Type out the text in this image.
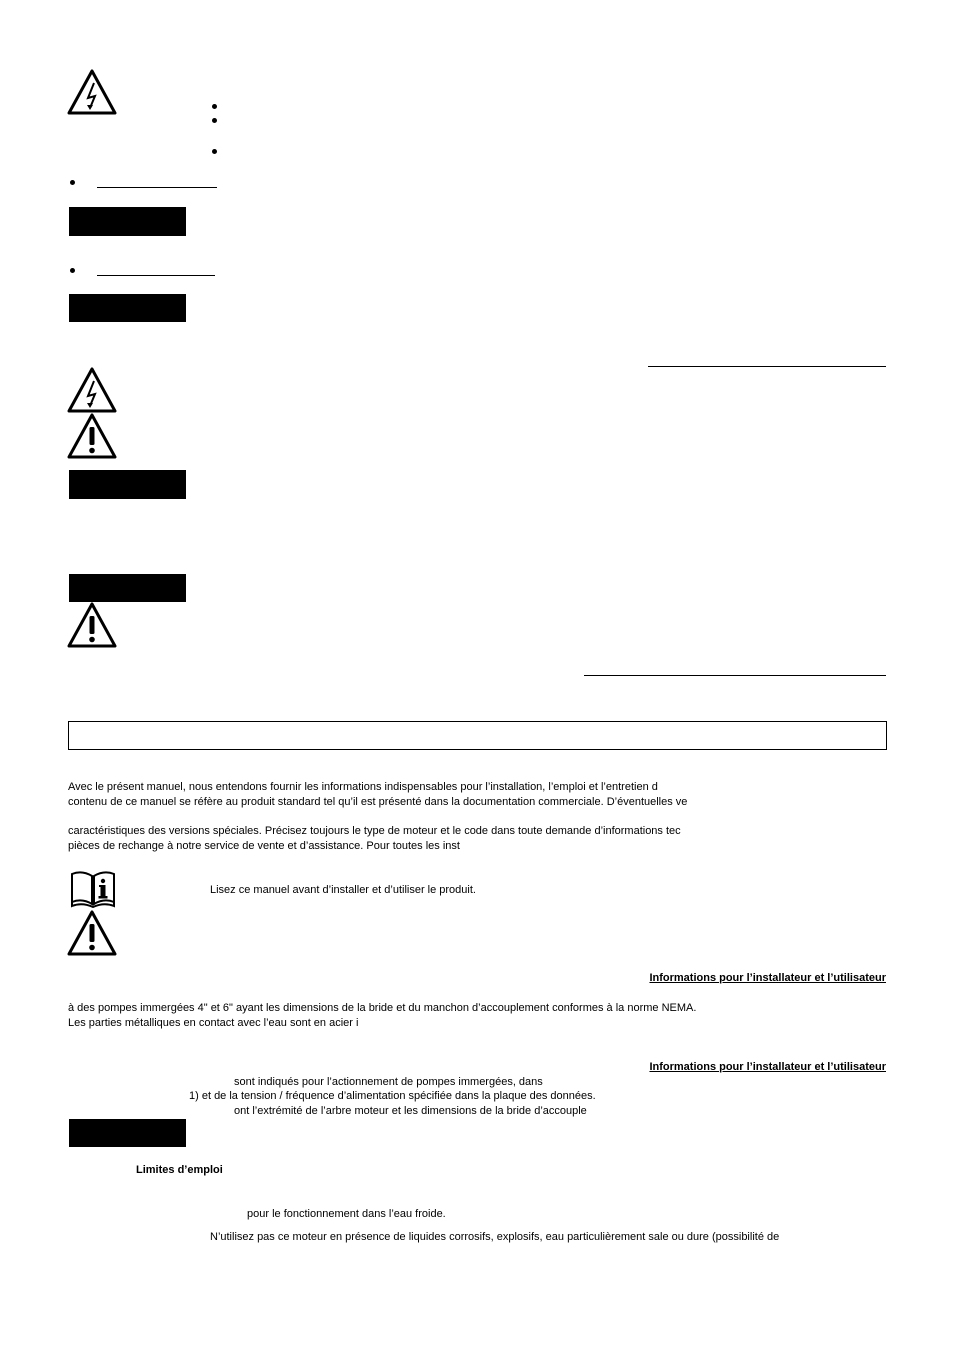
Avec le présent manuel, nous entendons fournir les informations indispensables pour l’installation, l’emploi et l’entretien d
contenu de ce manuel se réfère au produit standard tel qu’il est présenté dans la documentation commerciale. D’éventuelles ve
caractéristiques des versions spéciales. Précisez toujours le type de moteur et le code dans toute demande d’informations tec
pièces de rechange à notre service de vente et d’assistance. Pour toutes les inst
Lisez ce manuel avant d’installer et d’utiliser le produit.
Informations pour l’installateur et l’utilisateur
à des pompes immergées 4" et 6" ayant les dimensions de la bride et du manchon d’accouplement conformes à la norme NEMA.
Les parties métalliques en contact avec l’eau sont en acier i
Informations pour l’installateur et l’utilisateur
sont indiqués pour l’actionnement de pompes immergées, dans
1) et de la tension / fréquence d’alimentation spécifiée dans la plaque des données.
ont l’extrémité de l’arbre moteur et les dimensions de la bride d’accouple
Limites d’emploi
pour le fonctionnement dans l’eau froide.
N’utilisez pas ce moteur en présence de liquides corrosifs, explosifs, eau particulièrement sale ou dure (possibilité de
